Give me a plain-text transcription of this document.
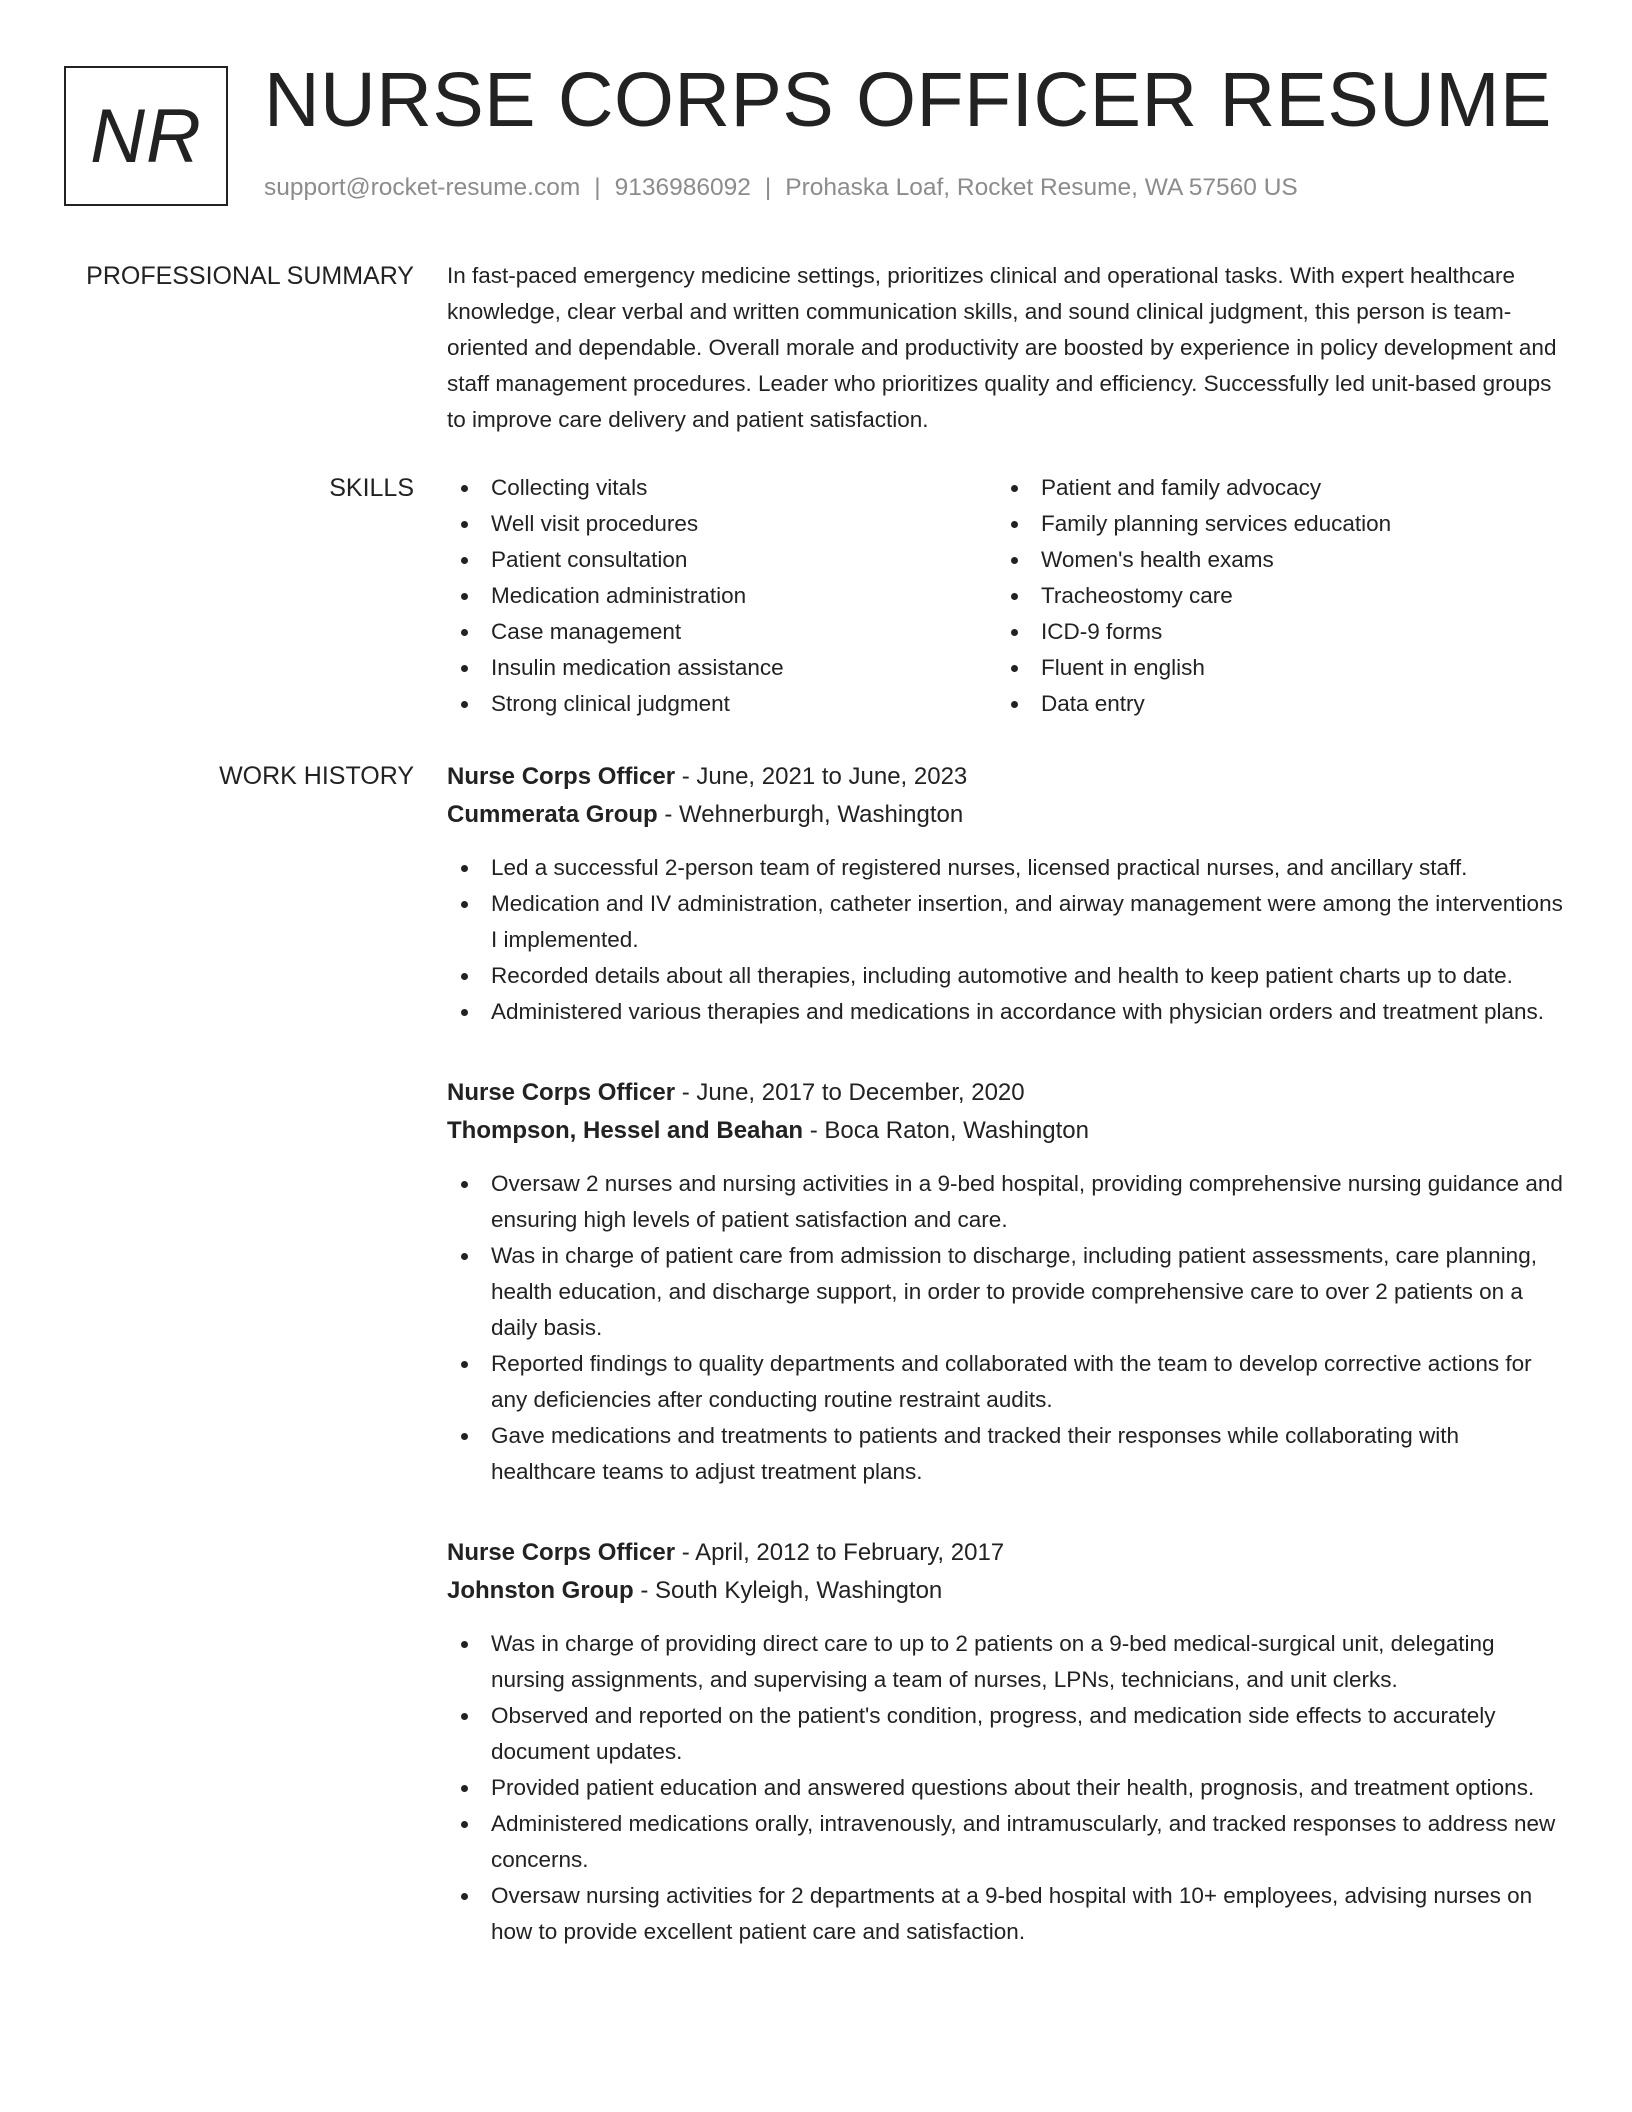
NR NURSE CORPS OFFICER RESUME
support@rocket-resume.com | 9136986092 | Prohaska Loaf, Rocket Resume, WA 57560 US
PROFESSIONAL SUMMARY In fast-paced emergency medicine settings, prioritizes clinical and operational tasks. With expert healthcare knowledge, clear verbal and written communication skills, and sound clinical judgment, this person is team-oriented and dependable. Overall morale and productivity are boosted by experience in policy development and staff management procedures. Leader who prioritizes quality and efficiency. Successfully led unit-based groups to improve care delivery and patient satisfaction.

SKILLS	Collecting vitals
Well visit procedures
Patient consultation
Medication administration
Case management
Insulin medication assistance
Strong clinical judgment
Patient and family advocacy
Family planning services education
Women's health exams
Tracheostomy care
ICD-9 forms
Fluent in english
Data entry
WORK HISTORY Nurse Corps Officer - June, 2021 to June, 2023
Cummerata Group - Wehnerburgh, Washington
Led a successful 2-person team of registered nurses, licensed practical nurses, and ancillary staff.
Medication and IV administration, catheter insertion, and airway management were among the interventions I implemented.
Recorded details about all therapies, including automotive and health to keep patient charts up to date.
Administered various therapies and medications in accordance with physician orders and treatment plans.
Nurse Corps Officer - June, 2017 to December, 2020
Thompson, Hessel and Beahan - Boca Raton, Washington
Oversaw 2 nurses and nursing activities in a 9-bed hospital, providing comprehensive nursing guidance and ensuring high levels of patient satisfaction and care.
Was in charge of patient care from admission to discharge, including patient assessments, care planning, health education, and discharge support, in order to provide comprehensive care to over 2 patients on a daily basis.
Reported findings to quality departments and collaborated with the team to develop corrective actions for any deficiencies after conducting routine restraint audits.
Gave medications and treatments to patients and tracked their responses while collaborating with healthcare teams to adjust treatment plans.
Nurse Corps Officer - April, 2012 to February, 2017
Johnston Group - South Kyleigh, Washington
Was in charge of providing direct care to up to 2 patients on a 9-bed medical-surgical unit, delegating nursing assignments, and supervising a team of nurses, LPNs, technicians, and unit clerks.
Observed and reported on the patient's condition, progress, and medication side effects to accurately document updates.
Provided patient education and answered questions about their health, prognosis, and treatment options.
Administered medications orally, intravenously, and intramuscularly, and tracked responses to address new concerns.
Oversaw nursing activities for 2 departments at a 9-bed hospital with 10+ employees, advising nurses on how to provide excellent patient care and satisfaction.
